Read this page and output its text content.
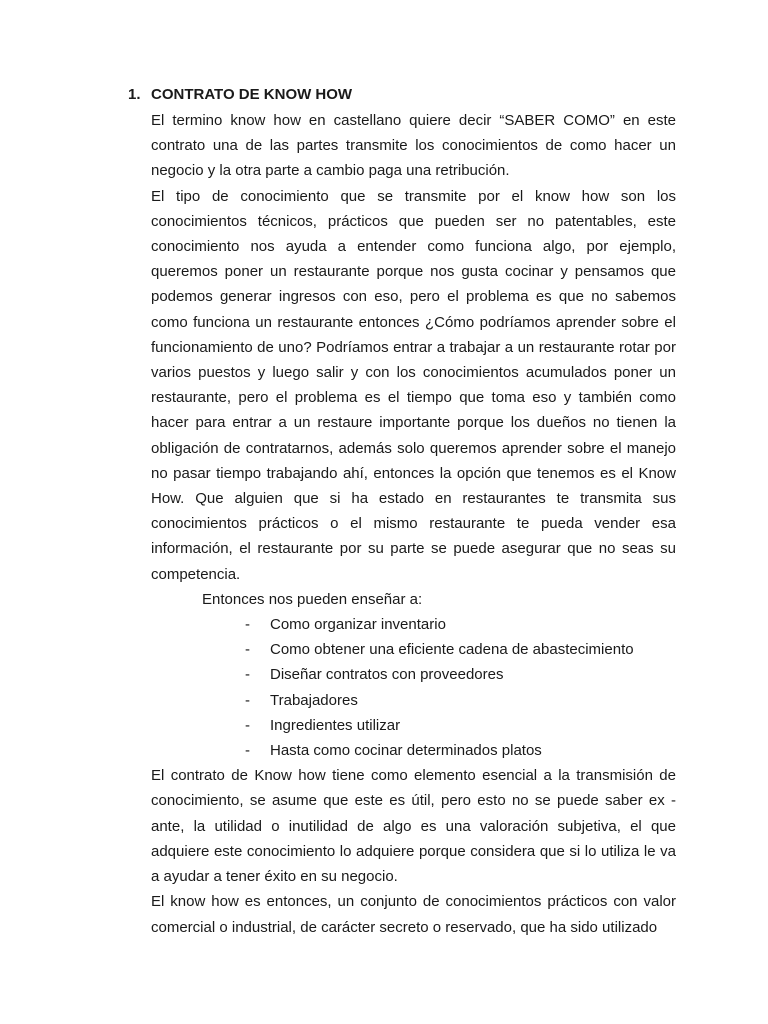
1. CONTRATO DE KNOW HOW

El termino know how en castellano quiere decir “SABER COMO” en este contrato una de las partes transmite los conocimientos de como hacer un negocio y la otra parte a cambio paga una retribución.

El tipo de conocimiento que se transmite por el know how son los conocimientos técnicos, prácticos que pueden ser no patentables, este conocimiento nos ayuda a entender como funciona algo, por ejemplo, queremos poner un restaurante porque nos gusta cocinar y pensamos que podemos generar ingresos con eso, pero el problema es que no sabemos como funciona un restaurante entonces ¿Cómo podríamos aprender sobre el funcionamiento de uno? Podríamos entrar a trabajar a un restaurante rotar por varios puestos y luego salir y con los conocimientos acumulados poner un restaurante, pero el problema es el tiempo que toma eso y también como hacer para entrar a un restaure importante porque los dueños no tienen la obligación de contratarnos, además solo queremos aprender sobre el manejo no pasar tiempo trabajando ahí, entonces la opción que tenemos es el Know How. Que alguien que si ha estado en restaurantes te transmita sus conocimientos prácticos o el mismo restaurante te pueda vender esa información, el restaurante por su parte se puede asegurar que no seas su competencia.

Entonces nos pueden enseñar a:

- Como organizar inventario
- Como obtener una eficiente cadena de abastecimiento
- Diseñar contratos con proveedores
- Trabajadores
- Ingredientes utilizar
- Hasta como cocinar determinados platos

El contrato de Know how tiene como elemento esencial a la transmisión de conocimiento, se asume que este es útil, pero esto no se puede saber ex - ante, la utilidad o inutilidad de algo es una valoración subjetiva, el que adquiere este conocimiento lo adquiere porque considera que si lo utiliza le va a ayudar a tener éxito en su negocio.

El know how es entonces, un conjunto de conocimientos prácticos con valor comercial o industrial, de carácter secreto o reservado, que ha sido utilizado
